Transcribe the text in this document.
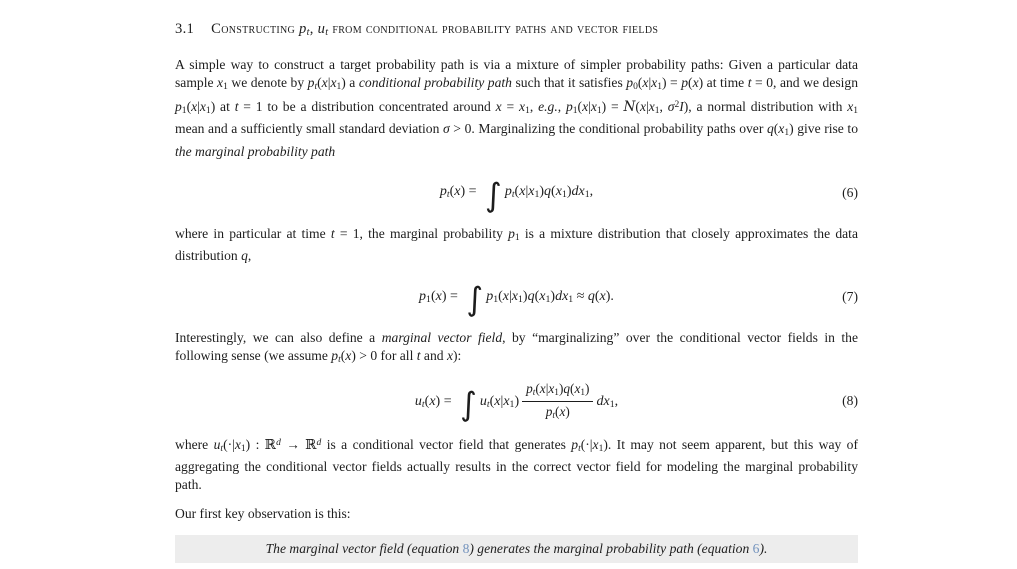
3.1 Constructing pt, ut from conditional probability paths and vector fields

A simple way to construct a target probability path is via a mixture of simpler probability paths: Given a particular data sample x1 we denote by pt(x|x1) a conditional probability path such that it satisfies p0(x|x1) = p(x) at time t = 0, and we design p1(x|x1) at t = 1 to be a distribution concentrated around x = x1, e.g., p1(x|x1) = N(x|x1, $\sigma^2I$), a normal distribution with x1 mean and a sufficiently small standard deviation σ > 0. Marginalizing the conditional probability paths over q(x1) give rise to the marginal probability path

pt(x) = ∫ pt(x|x1)q(x1)dx1,	(6)

where in particular at time t = 1, the marginal probability p1 is a mixture distribution that closely approximates the data distribution q,

p1(x) = ∫ p1(x|x1)q(x1)dx1 ≈ q(x).	(7)

Interestingly, we can also define a marginal vector field, by “marginalizing” over the conditional vector fields in the following sense (we assume pt(x) > 0 for all t and x):

ut(x) = ∫ $ut(x|x1) \frac{pt(x|x1)q(x1)}{pt(x)} dx1$,	(8)

where ut(·|x1) : ℝ$^d$ → ℝ$^d$ is a conditional vector field that generates pt(·|x1). It may not seem apparent, but this way of aggregating the conditional vector fields actually results in the correct vector field for modeling the marginal probability path.

Our first key observation is this:

The marginal vector field (equation 8) generates the marginal probability path (equation 6).
